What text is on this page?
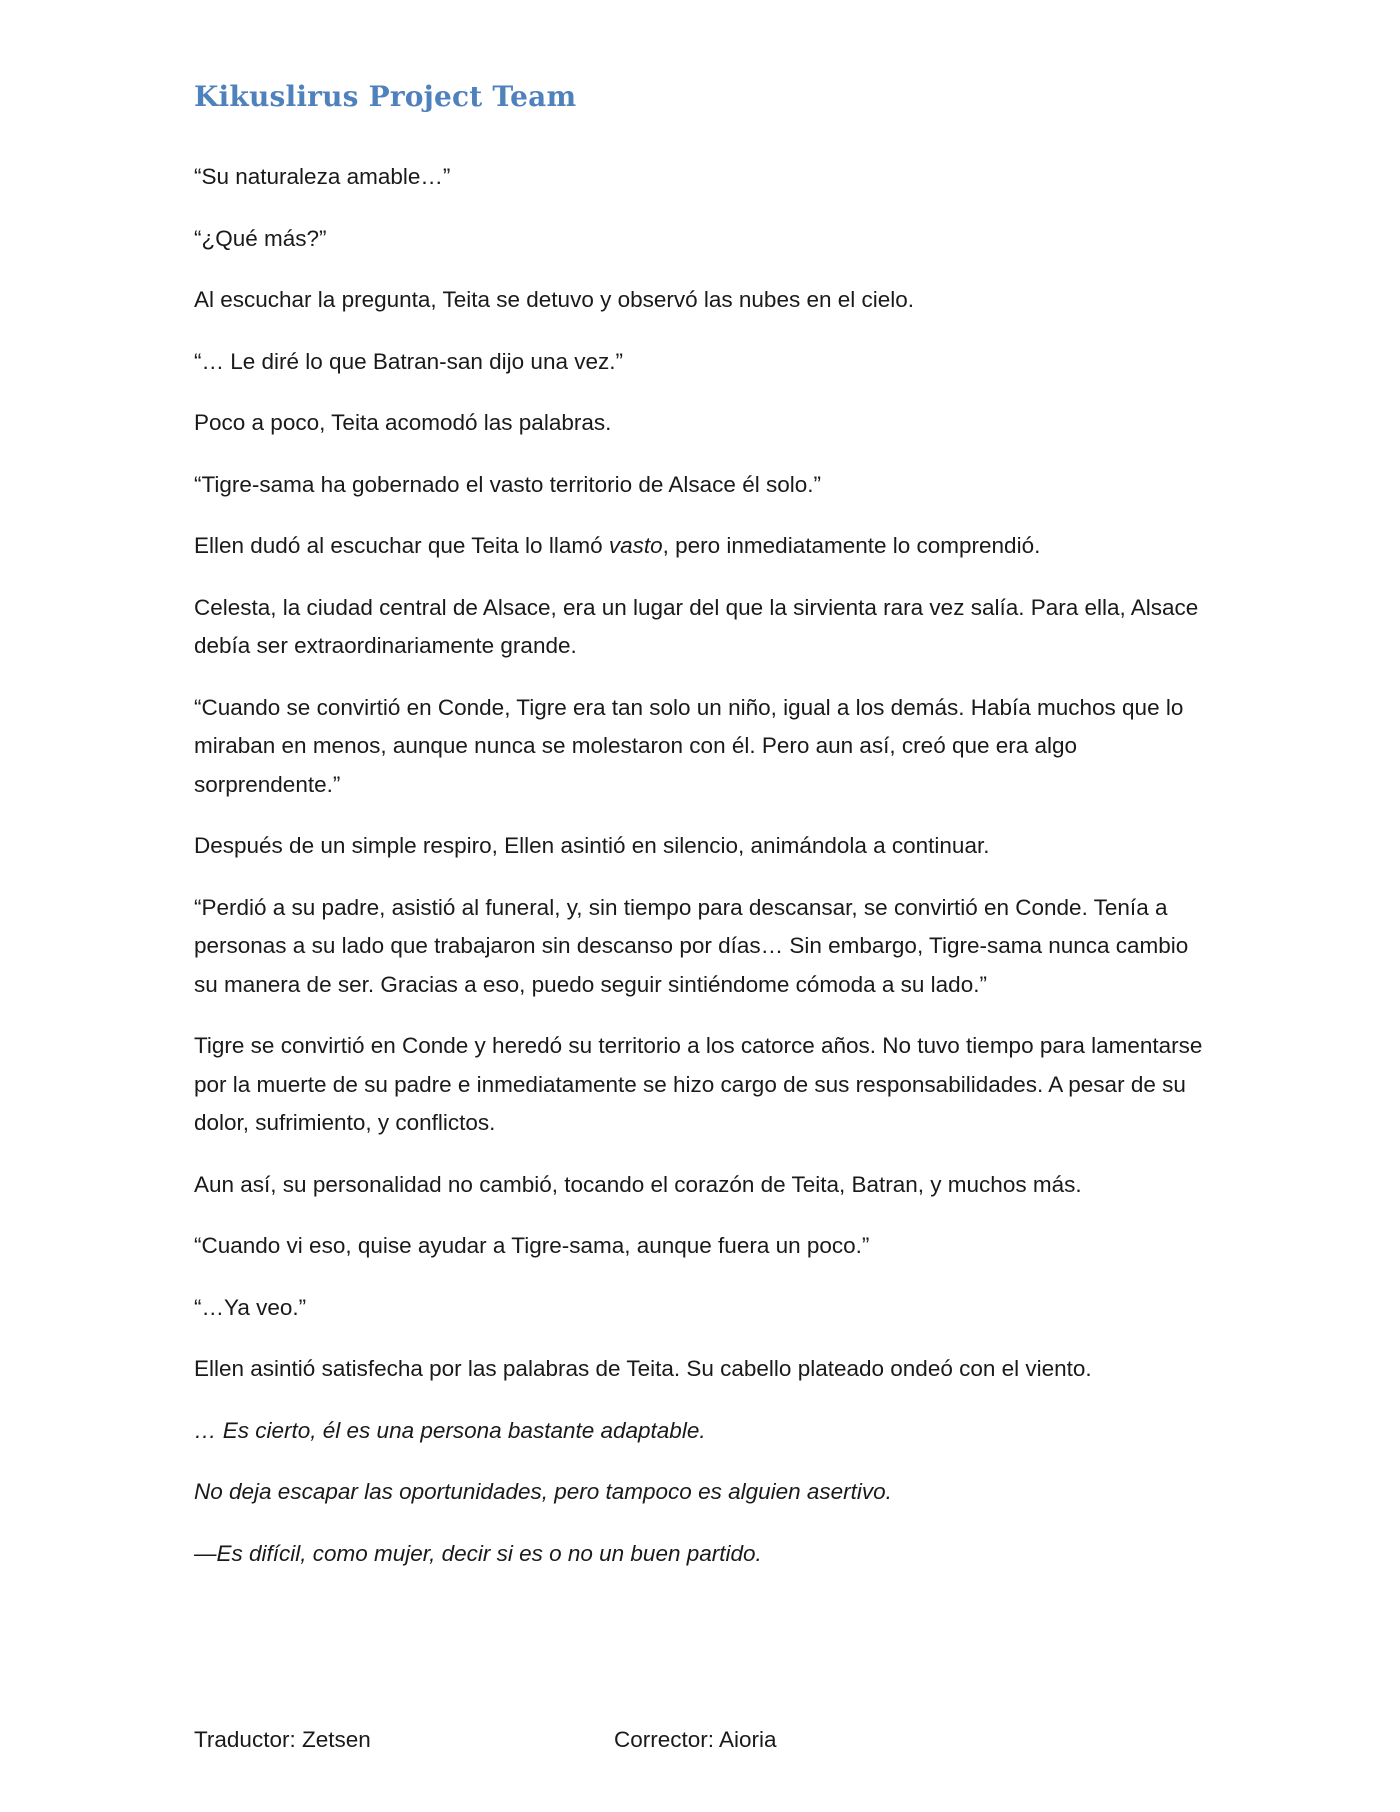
Kikuslirus Project Team

“Su naturaleza amable…”

“¿Qué más?”

Al escuchar la pregunta, Teita se detuvo y observó las nubes en el cielo.

“… Le diré lo que Batran-san dijo una vez.”

Poco a poco, Teita acomodó las palabras.

“Tigre-sama ha gobernado el vasto territorio de Alsace él solo.”

Ellen dudó al escuchar que Teita lo llamó vasto, pero inmediatamente lo comprendió.

Celesta, la ciudad central de Alsace, era un lugar del que la sirvienta rara vez salía. Para ella, Alsace debía ser extraordinariamente grande.

“Cuando se convirtió en Conde, Tigre era tan solo un niño, igual a los demás. Había muchos que lo miraban en menos, aunque nunca se molestaron con él. Pero aun así, creó que era algo sorprendente.”

Después de un simple respiro, Ellen asintió en silencio, animándola a continuar.

“Perdió a su padre, asistió al funeral, y, sin tiempo para descansar, se convirtió en Conde. Tenía a personas a su lado que trabajaron sin descanso por días… Sin embargo, Tigre-sama nunca cambio su manera de ser. Gracias a eso, puedo seguir sintiéndome cómoda a su lado.”

Tigre se convirtió en Conde y heredó su territorio a los catorce años. No tuvo tiempo para lamentarse por la muerte de su padre e inmediatamente se hizo cargo de sus responsabilidades. A pesar de su dolor, sufrimiento, y conflictos.

Aun así, su personalidad no cambió, tocando el corazón de Teita, Batran, y muchos más.

“Cuando vi eso, quise ayudar a Tigre-sama, aunque fuera un poco.”

“…Ya veo.”

Ellen asintió satisfecha por las palabras de Teita. Su cabello plateado ondeó con el viento.

… Es cierto, él es una persona bastante adaptable.

No deja escapar las oportunidades, pero tampoco es alguien asertivo.

—Es difícil, como mujer, decir si es o no un buen partido.

Traductor: Zetsen	Corrector: Aioria
